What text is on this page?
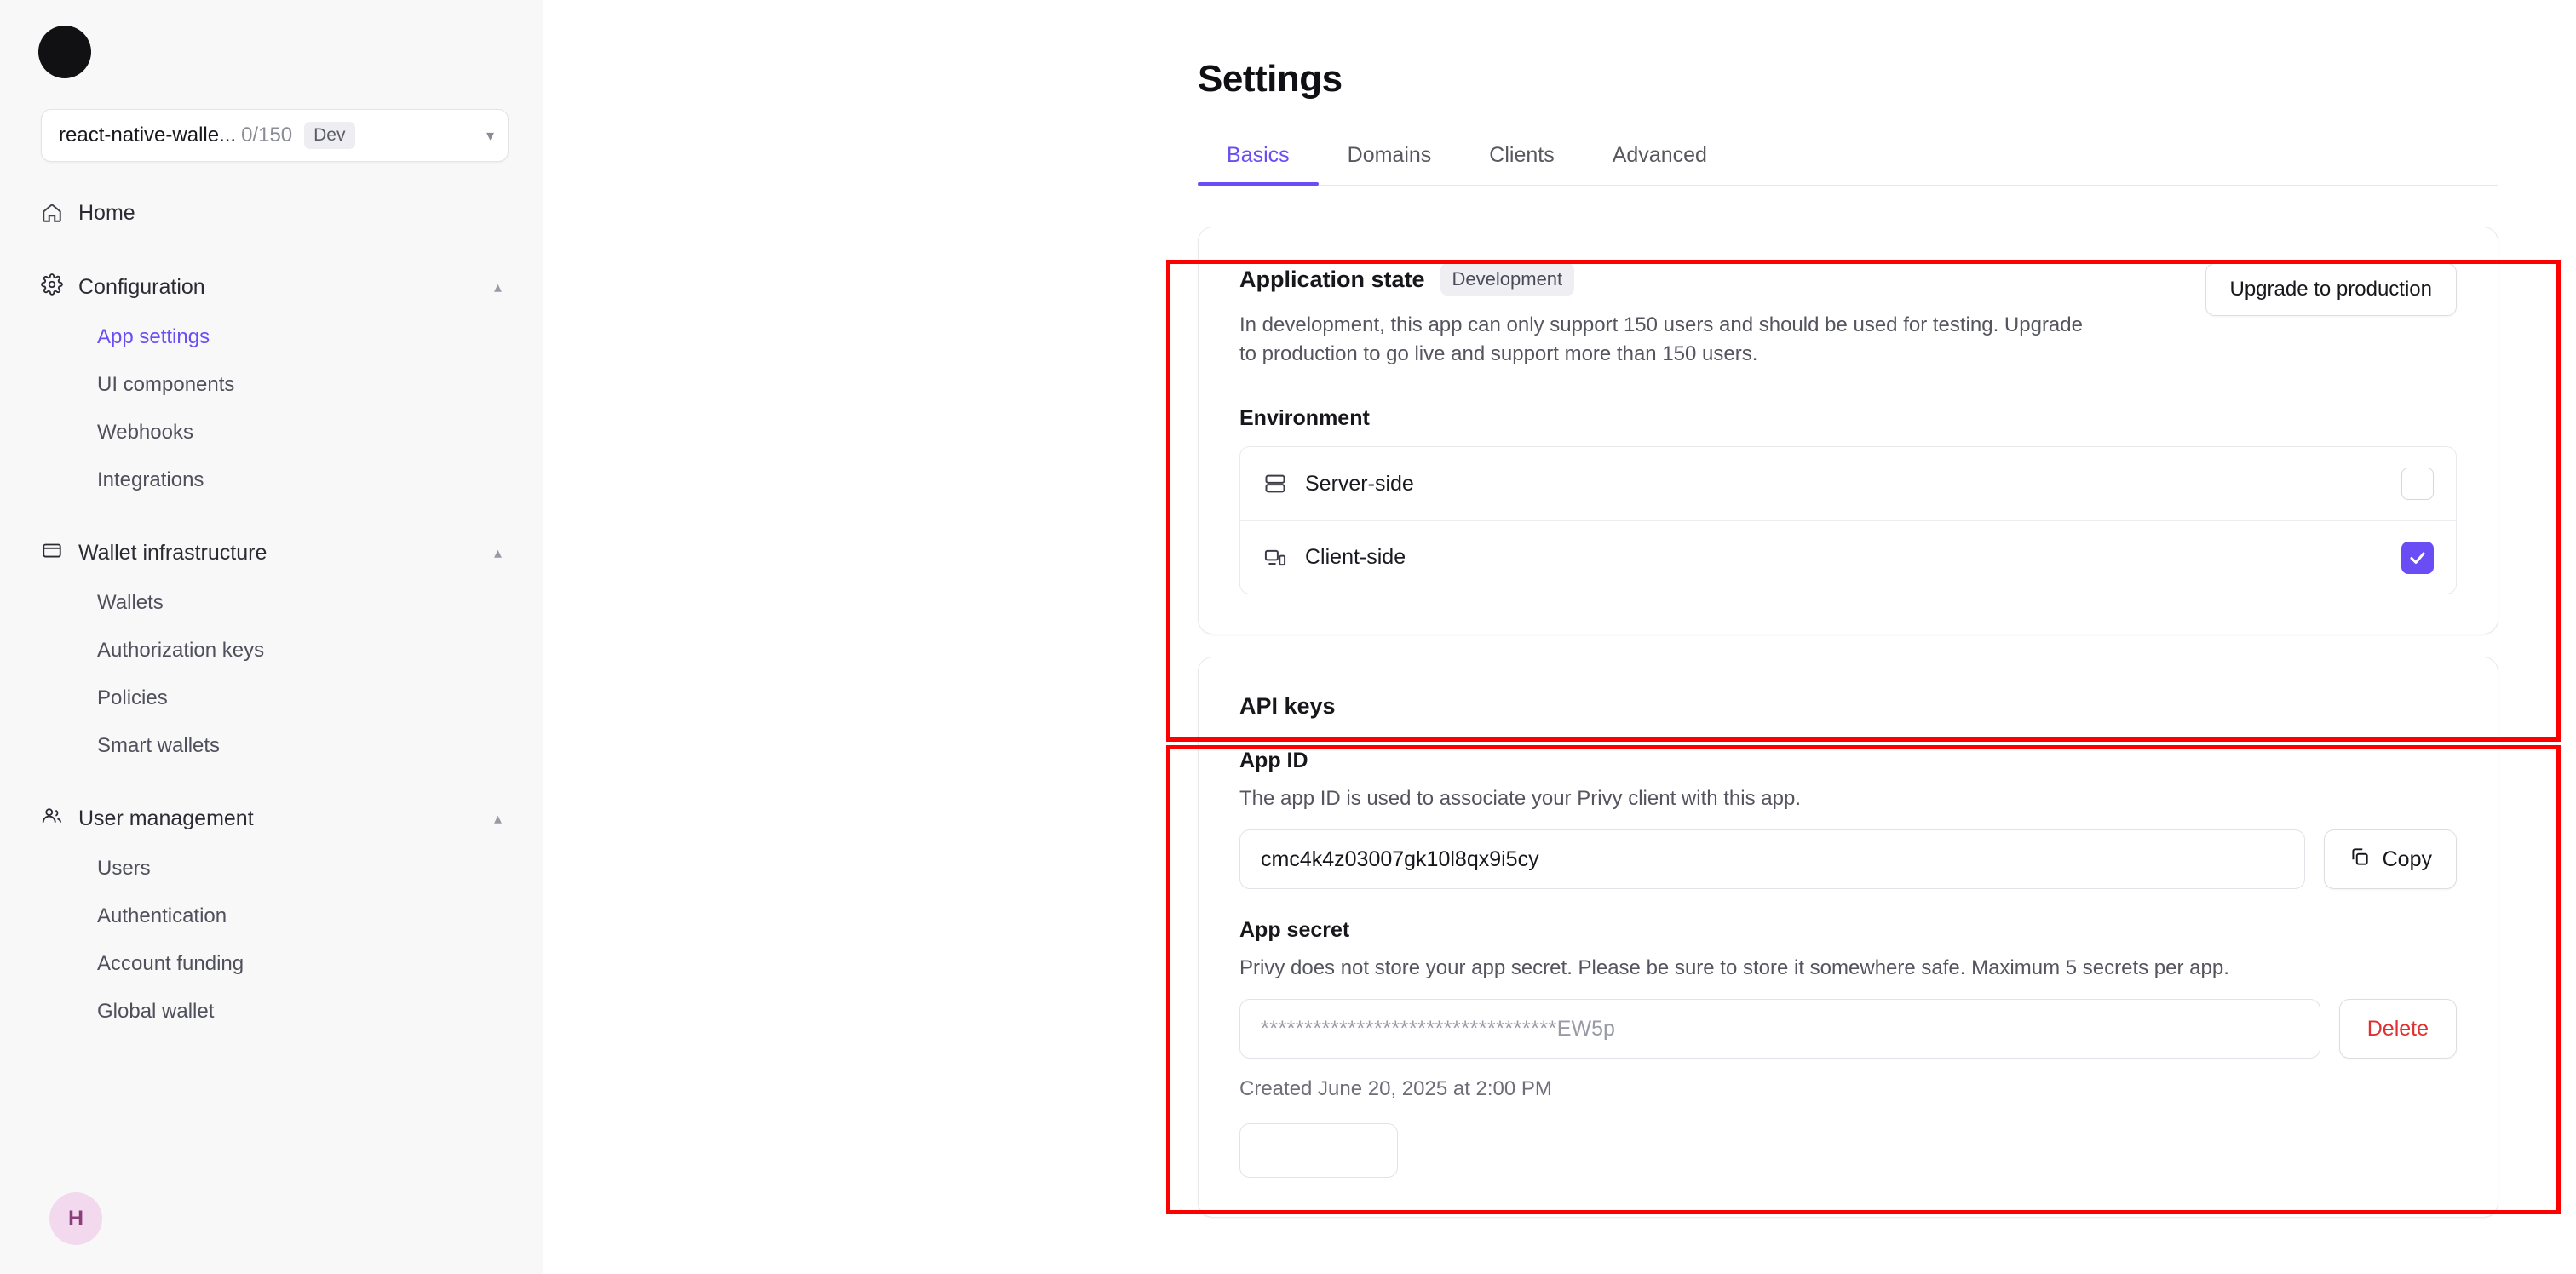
react-native-walle... 0/150	Dev	▾
Home
Configuration	▴
App settings
UI components
Webhooks
Integrations
Wallet infrastructure	▴
Wallets
Authorization keys
Policies
Smart wallets
User management	▴
Users
Authentication
Account funding
Global wallet
H
Settings
Basics	Domains	Clients	Advanced
Application state	Development

In development, this app can only support 150 users and should be used for testing. Upgrade to production to go live and support more than 150 users.

Upgrade to production
Environment
Server-side
Client-side
API keys
App ID
The app ID is used to associate your Privy client with this app.
cmc4k4z03007gk10l8qx9i5cy	Copy
App secret
Privy does not store your app secret. Please be sure to store it somewhere safe. Maximum 5 secrets per app.
********************************** EW5p	Delete
Created June 20, 2025 at 2:00 PM
